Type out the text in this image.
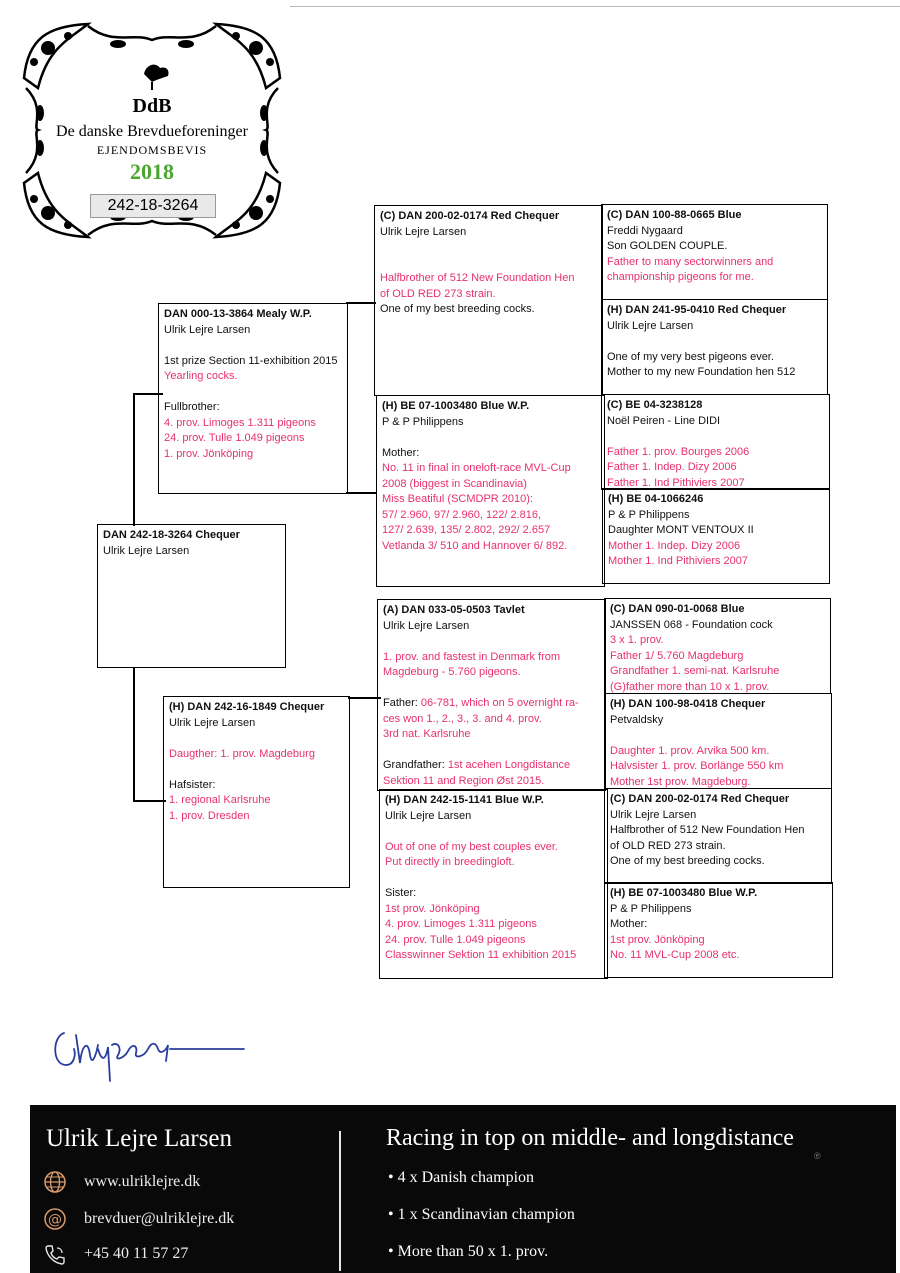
DdB
De danske Brevdueforeninger
EJENDOMSBEVIS
2018
242-18-3264
DAN 242-18-3264 Chequer
Ulrik Lejre Larsen
DAN 000-13-3864 Mealy W.P.
Ulrik Lejre Larsen
1st prize Section 11-exhibition 2015
Yearling cocks.
Fullbrother:
4. prov. Limoges 1.311 pigeons
24. prov. Tulle 1.049 pigeons
1. prov. Jönköping
(H) DAN 242-16-1849 Chequer
Ulrik Lejre Larsen
Daugther: 1. prov. Magdeburg
Hafsister:
1. regional Karlsruhe
1. prov. Dresden
(C) DAN 200-02-0174 Red Chequer
Ulrik Lejre Larsen
Halfbrother of 512 New Foundation Hen
of OLD RED 273 strain.
One of my best breeding cocks.
(H) BE 07-1003480 Blue W.P.
P & P Philippens
Mother:
No. 11 in final in oneloft-race MVL-Cup
2008 (biggest in Scandinavia)
Miss Beatiful (SCMDPR 2010):
57/ 2.960, 97/ 2.960, 122/ 2.816,
127/ 2.639, 135/ 2.802, 292/ 2.657
Vetlanda 3/ 510 and Hannover 6/ 892.
(A) DAN 033-05-0503 Tavlet
Ulrik Lejre Larsen
1. prov. and fastest in Denmark from
Magdeburg - 5.760 pigeons.
Father: 06-781, which on 5 overnight ra-
ces won 1., 2., 3., 3. and 4. prov.
3rd nat. Karlsruhe
Grandfather: 1st acehen Longdistance
Sektion 11 and Region Øst 2015.
(H) DAN 242-15-1141 Blue W.P.
Ulrik Lejre Larsen
Out of one of my best couples ever.
Put directly in breedingloft.
Sister:
1st prov. Jönköping
4. prov. Limoges 1.311 pigeons
24. prov. Tulle 1.049 pigeons
Classwinner Sektion 11 exhibition 2015
(C) DAN 100-88-0665 Blue
Freddi Nygaard
Son GOLDEN COUPLE.
Father to many sectorwinners and
championship pigeons for me.
(H) DAN 241-95-0410 Red Chequer
Ulrik Lejre Larsen
One of my very best pigeons ever.
Mother to my new Foundation hen 512
(C) BE 04-3238128
Noël Peiren - Line DIDI
Father 1. prov. Bourges 2006
Father 1. Indep. Dizy 2006
Father 1. Ind Pithiviers 2007
(H) BE 04-1066246
P & P Philippens
Daughter MONT VENTOUX II
Mother 1. Indep. Dizy 2006
Mother 1. Ind Pithiviers 2007
(C) DAN 090-01-0068 Blue
JANSSEN 068 - Foundation cock
3 x 1. prov.
Father 1/ 5.760 Magdeburg
Grandfather 1. semi-nat. Karlsruhe
(G)father more than 10 x 1. prov.
(H) DAN 100-98-0418 Chequer
Petvaldsky
Daughter 1. prov. Arvika 500 km.
Halvsister 1. prov. Borlänge 550 km
Mother 1st prov. Magdeburg.
(C) DAN 200-02-0174 Red Chequer
Ulrik Lejre Larsen
Halfbrother of 512 New Foundation Hen
of OLD RED 273 strain.
One of my best breeding cocks.
(H) BE 07-1003480 Blue W.P.
P & P Philippens
Mother:
1st prov. Jönköping
No. 11 MVL-Cup 2008 etc.
Ulrik Lejre Larsen
www.ulriklejre.dk
@ brevduer@ulriklejre.dk
+45 40 11 57 27
Racing in top on middle- and longdistance
®
• 4 x Danish champion
• 1 x Scandinavian champion
• More than 50 x 1. prov.
